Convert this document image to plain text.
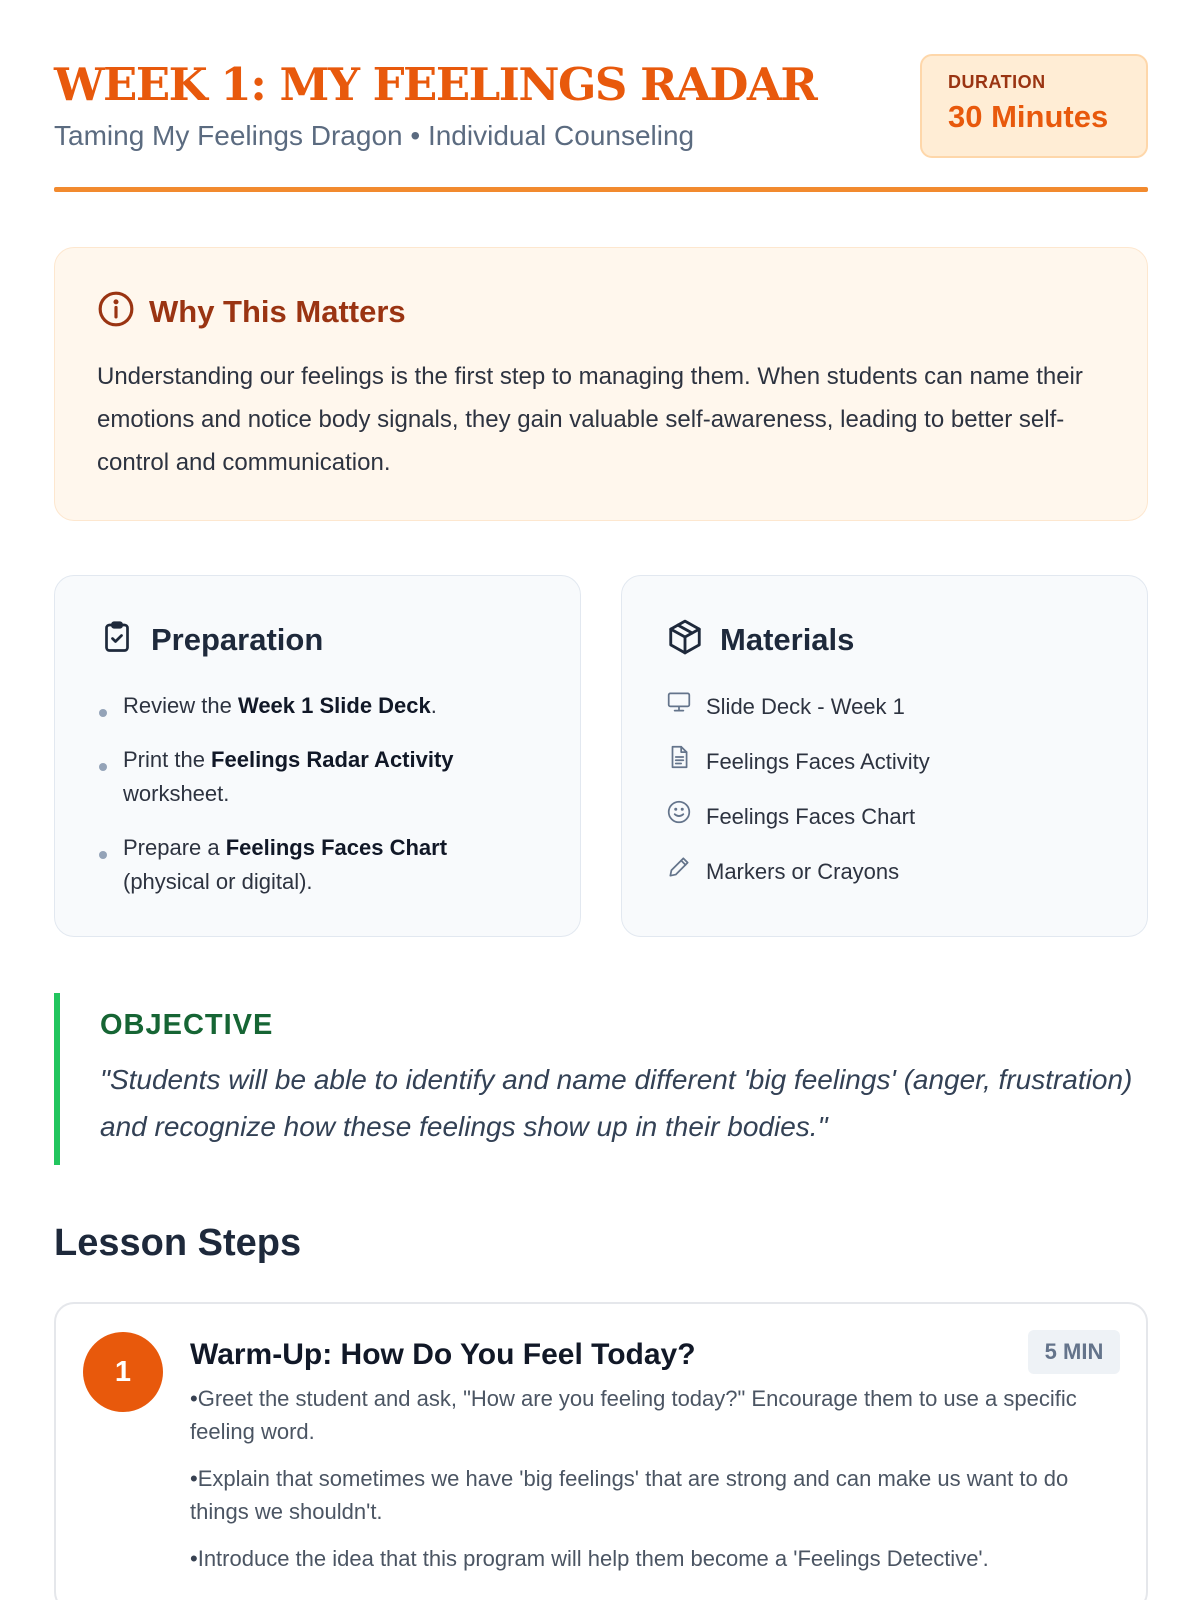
WEEK 1: MY FEELINGS RADAR
Taming My Feelings Dragon • Individual Counseling
DURATION
30 Minutes
Why This Matters

Understanding our feelings is the first step to managing them. When students can name their emotions and notice body signals, they gain valuable self-awareness, leading to better self-control and communication.

Preparation
Review the Week 1 Slide Deck.
Print the Feelings Radar Activity worksheet.
Prepare a Feelings Faces Chart (physical or digital).
Materials
Slide Deck - Week 1
Feelings Faces Activity
Feelings Faces Chart
Markers or Crayons
OBJECTIVE

"Students will be able to identify and name different 'big feelings' (anger, frustration) and recognize how these feelings show up in their bodies."

Lesson Steps
1
Warm-Up: How Do You Feel Today?	5 MIN
• Greet the student and ask, "How are you feeling today?" Encourage them to use a specific feeling word.
• Explain that sometimes we have 'big feelings' that are strong and can make us want to do things we shouldn't.
• Introduce the idea that this program will help them become a 'Feelings Detective'.
